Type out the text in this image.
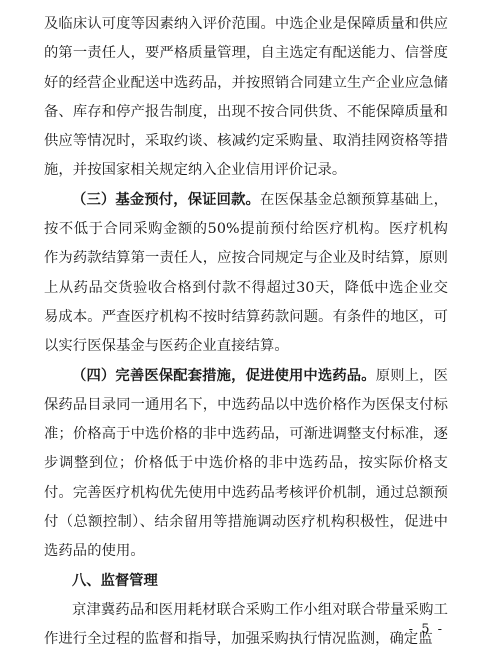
及临床认可度等因素纳入评价范围。中选企业是保障质量和供应的第一责任人，要严格质量管理，自主选定有配送能力、信誉度好的经营企业配送中选药品，并按照销合同建立生产企业应急储备、库存和停产报告制度，出现不按合同供货、不能保障质量和供应等情况时，采取约谈、核减约定采购量、取消挂网资格等措施，并按国家相关规定纳入企业信用评价记录。

（三）基金预付，保证回款。在医保基金总额预算基础上，按不低于合同采购金额的50%提前预付给医疗机构。医疗机构作为药款结算第一责任人，应按合同规定与企业及时结算，原则上从药品交货验收合格到付款不得超过30天，降低中选企业交易成本。严查医疗机构不按时结算药款问题。有条件的地区，可以实行医保基金与医药企业直接结算。

（四）完善医保配套措施，促进使用中选药品。原则上，医保药品目录同一通用名下，中选药品以中选价格作为医保支付标准；价格高于中选价格的非中选药品，可渐进调整支付标准，逐步调整到位；价格低于中选价格的非中选药品，按实际价格支付。完善医疗机构优先使用中选药品考核评价机制，通过总额预付（总额控制）、结余留用等措施调动医疗机构积极性，促进中选药品的使用。

八、监督管理

京津冀药品和医用耗材联合采购工作小组对联合带量采购工作进行全过程的监督和指导，加强采购执行情况监测，确定监

- 5 -
